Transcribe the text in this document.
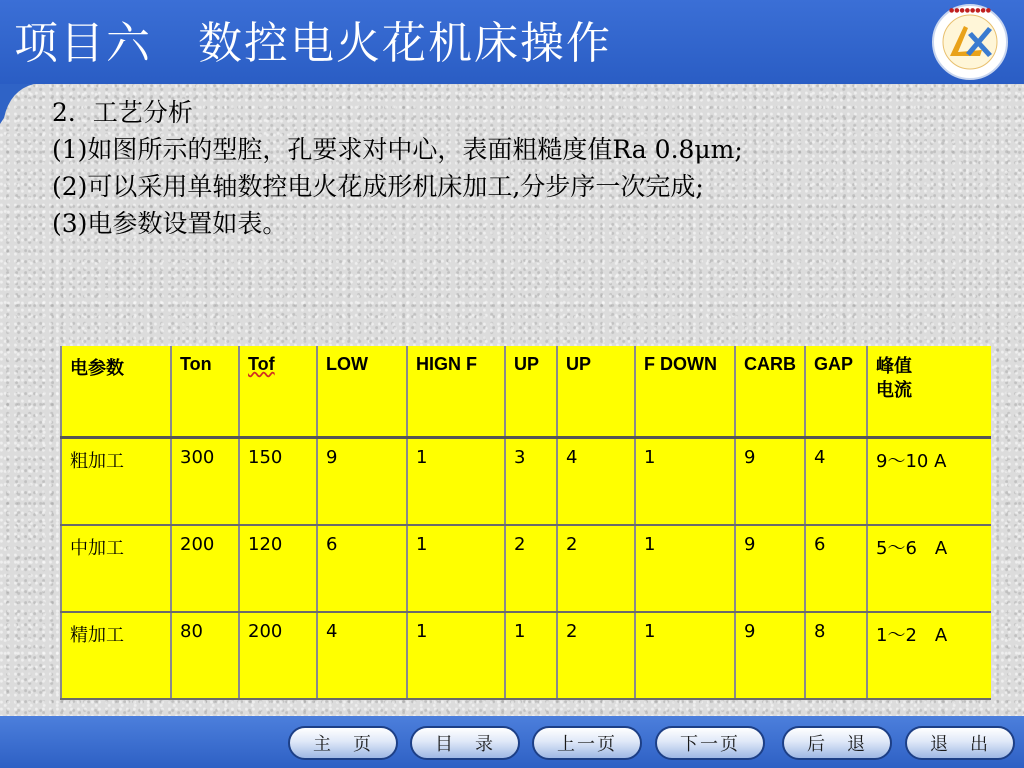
项目六　数控电火花机床操作
●●●●●●●●
2．工艺分析
(1)如图所示的型腔，孔要求对中心，表面粗糙度值Ra 0.8μm;
(2)可以采用单轴数控电火花成形机床加工,分步序一次完成;
(3)电参数设置如表。
电参数	Ton	Tof	LOW	HIGN F	UP	UP	F DOWN	CARB	GAP	峰值
电流
粗加工	300	150	9	1	3	4	1	9	4	9～10 A
中加工	200	120	6	1	2	2	1	9	6	5～6　A
精加工	80	200	4	1	1	2	1	9	8	1～2　A
主　页	目　录	上一页	下一页	后　退	退　出
